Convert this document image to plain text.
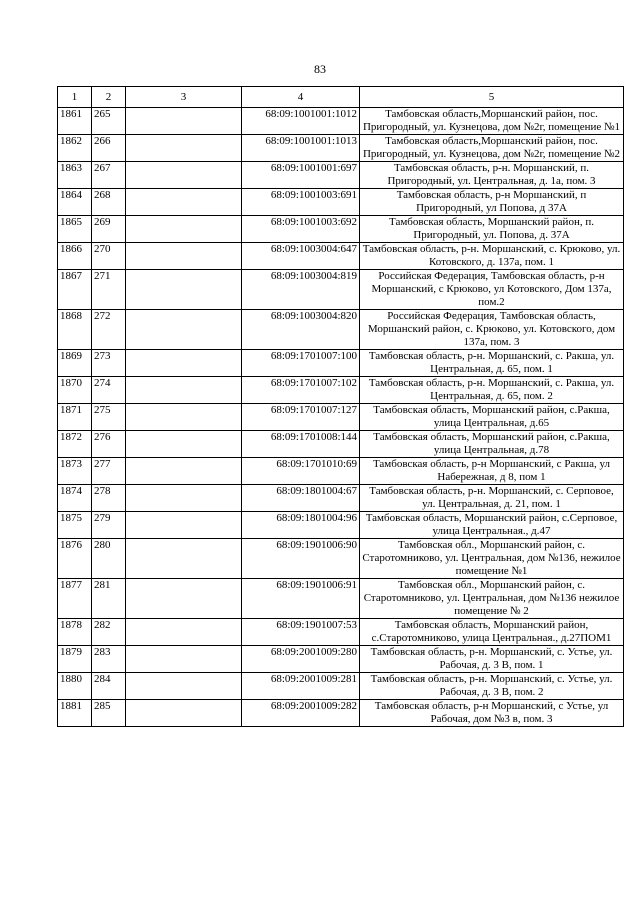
83
1	2	3	4	5
1861	265		68:09:1001001:1012	Тамбовская область,Моршанский район, пос. Пригородный, ул. Кузнецова, дом №2г, помещение №1
1862	266		68:09:1001001:1013	Тамбовская область,Моршанский район, пос. Пригородный, ул. Кузнецова, дом №2г, помещение №2
1863	267		68:09:1001001:697	Тамбовская область, р-н. Моршанский, п. Пригородный, ул. Центральная, д. 1а, пом. 3
1864	268		68:09:1001003:691	Тамбовская область, р-н Моршанский, п Пригородный, ул Попова, д 37А
1865	269		68:09:1001003:692	Тамбовская область, Моршанский район, п. Пригородный, ул. Попова, д. 37А
1866	270		68:09:1003004:647	Тамбовская область, р-н. Моршанский, с. Крюково, ул. Котовского, д. 137а, пом. 1
1867	271		68:09:1003004:819	Российская Федерация, Тамбовская область, р-н Моршанский, с Крюково, ул Котовского, Дом 137а, пом.2
1868	272		68:09:1003004:820	Российская Федерация, Тамбовская область, Моршанский район, с. Крюково, ул. Котовского, дом 137а, пом. 3
1869	273		68:09:1701007:100	Тамбовская область, р-н. Моршанский, с. Ракша, ул. Центральная, д. 65, пом. 1
1870	274		68:09:1701007:102	Тамбовская область, р-н. Моршанский, с. Ракша, ул. Центральная, д. 65, пом. 2
1871	275		68:09:1701007:127	Тамбовская область, Моршанский район, с.Ракша, улица Центральная, д.65
1872	276		68:09:1701008:144	Тамбовская область, Моршанский район, с.Ракша, улица Центральная, д.78
1873	277		68:09:1701010:69	Тамбовская область, р-н Моршанский, с Ракша, ул Набережная, д 8, пом 1
1874	278		68:09:1801004:67	Тамбовская область, р-н. Моршанский, с. Серповое, ул. Центральная, д. 21, пом. 1
1875	279		68:09:1801004:96	Тамбовская область, Моршанский район, с.Серповое, улица Центральная., д.47
1876	280		68:09:1901006:90	Тамбовская обл., Моршанский район, с. Старотомниково, ул. Центральная, дом №136, нежилое помещение №1
1877	281		68:09:1901006:91	Тамбовская обл., Моршанский район, с. Старотомниково, ул. Центральная, дом №136 нежилое помещение № 2
1878	282		68:09:1901007:53	Тамбовская область, Моршанский район, с.Старотомниково, улица Центральная., д.27ПОМ1
1879	283		68:09:2001009:280	Тамбовская область, р-н. Моршанский, с. Устье, ул. Рабочая, д. 3 В, пом. 1
1880	284		68:09:2001009:281	Тамбовская область, р-н. Моршанский, с. Устье, ул. Рабочая, д. 3 В, пом. 2
1881	285		68:09:2001009:282	Тамбовская область, р-н Моршанский, с Устье, ул Рабочая, дом №3 в, пом. 3
